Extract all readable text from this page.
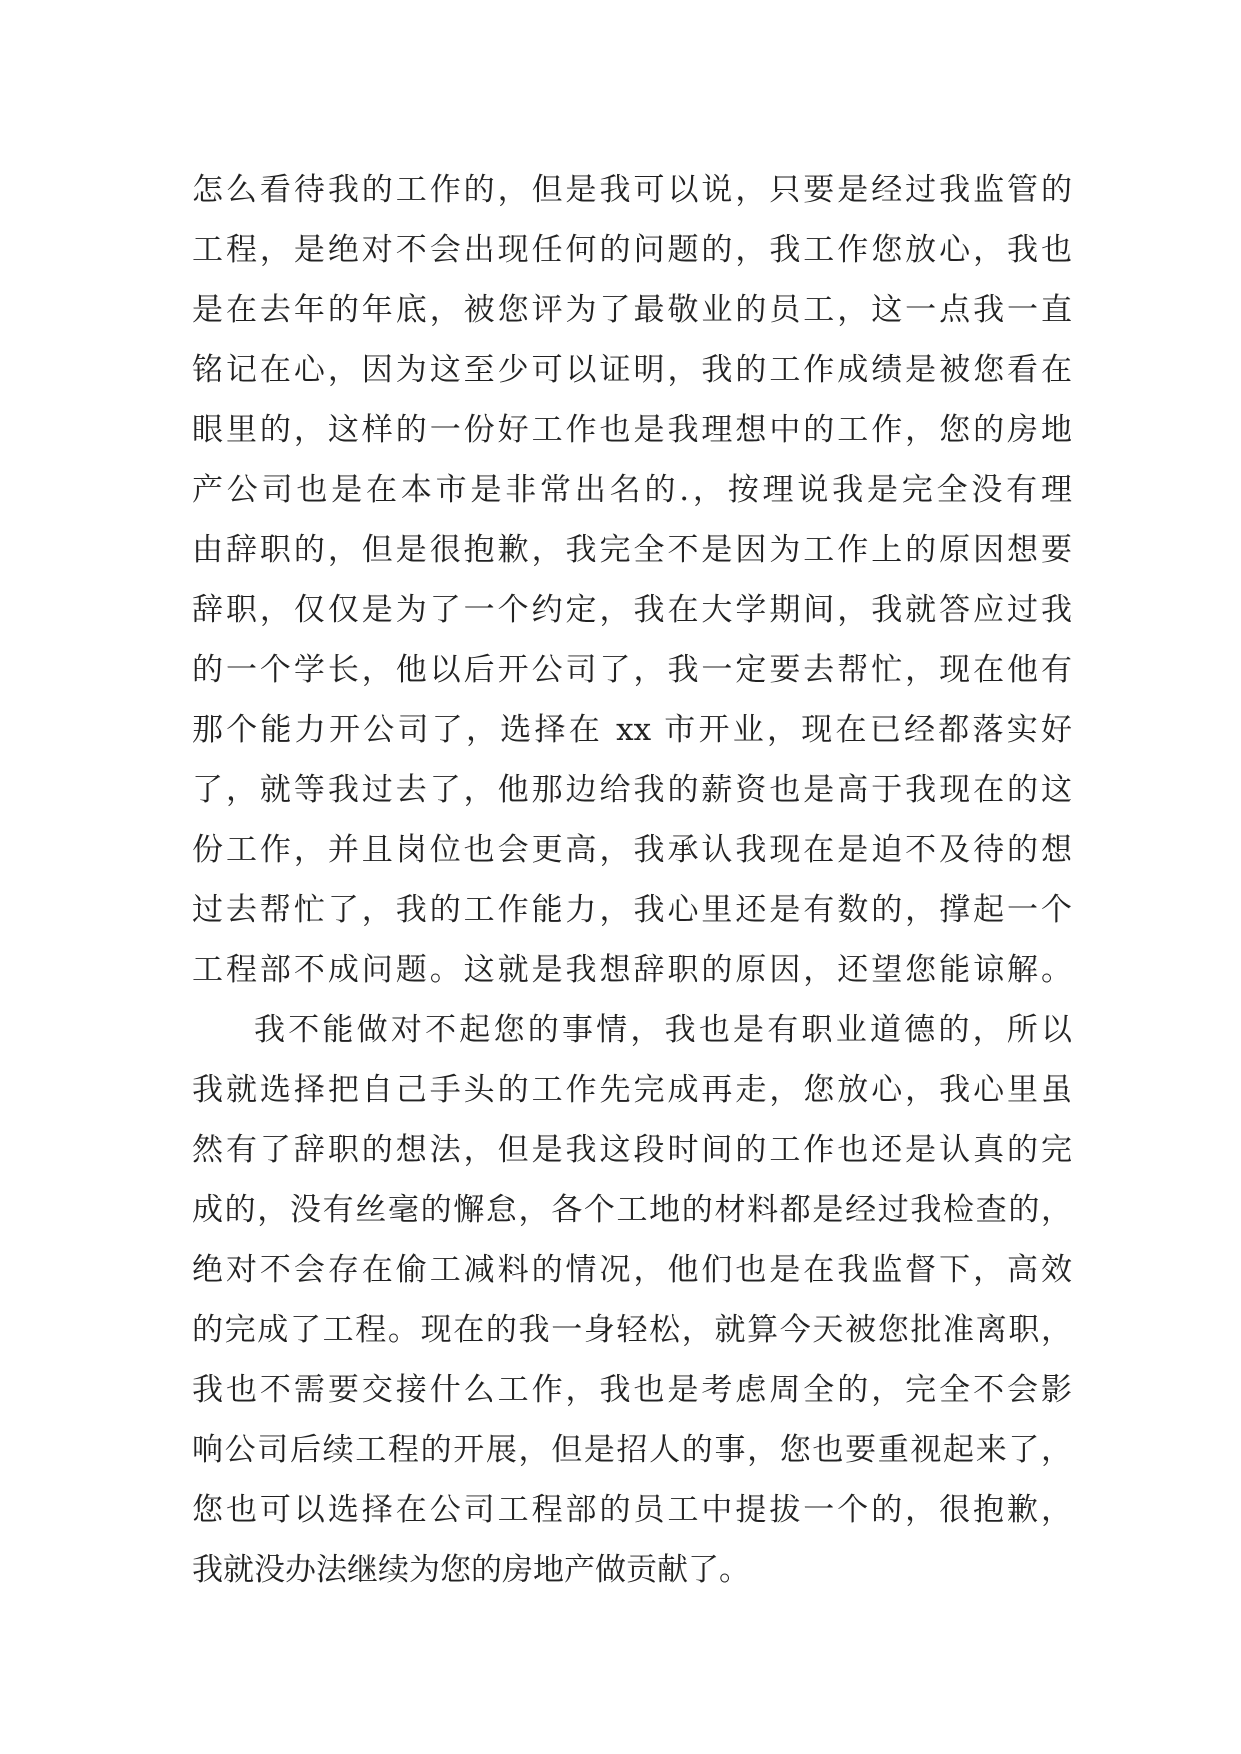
怎么看待我的工作的，但是我可以说，只要是经过我监管的
工程，是绝对不会出现任何的问题的，我工作您放心，我也
是在去年的年底，被您评为了最敬业的员工，这一点我一直
铭记在心，因为这至少可以证明，我的工作成绩是被您看在
眼里的，这样的一份好工作也是我理想中的工作，您的房地
产公司也是在本市是非常出名的.，按理说我是完全没有理
由辞职的，但是很抱歉，我完全不是因为工作上的原因想要
辞职，仅仅是为了一个约定，我在大学期间，我就答应过我
的一个学长，他以后开公司了，我一定要去帮忙，现在他有
那个能力开公司了，选择在 xx 市开业，现在已经都落实好
了，就等我过去了，他那边给我的薪资也是高于我现在的这
份工作，并且岗位也会更高，我承认我现在是迫不及待的想
过去帮忙了，我的工作能力，我心里还是有数的，撑起一个
工程部不成问题。这就是我想辞职的原因，还望您能谅解。
我不能做对不起您的事情，我也是有职业道德的，所以
我就选择把自己手头的工作先完成再走，您放心，我心里虽
然有了辞职的想法，但是我这段时间的工作也还是认真的完
成的，没有丝毫的懈怠，各个工地的材料都是经过我检查的，
绝对不会存在偷工减料的情况，他们也是在我监督下，高效
的完成了工程。现在的我一身轻松，就算今天被您批准离职，
我也不需要交接什么工作，我也是考虑周全的，完全不会影
响公司后续工程的开展，但是招人的事，您也要重视起来了，
您也可以选择在公司工程部的员工中提拔一个的，很抱歉，
我就没办法继续为您的房地产做贡献了。
